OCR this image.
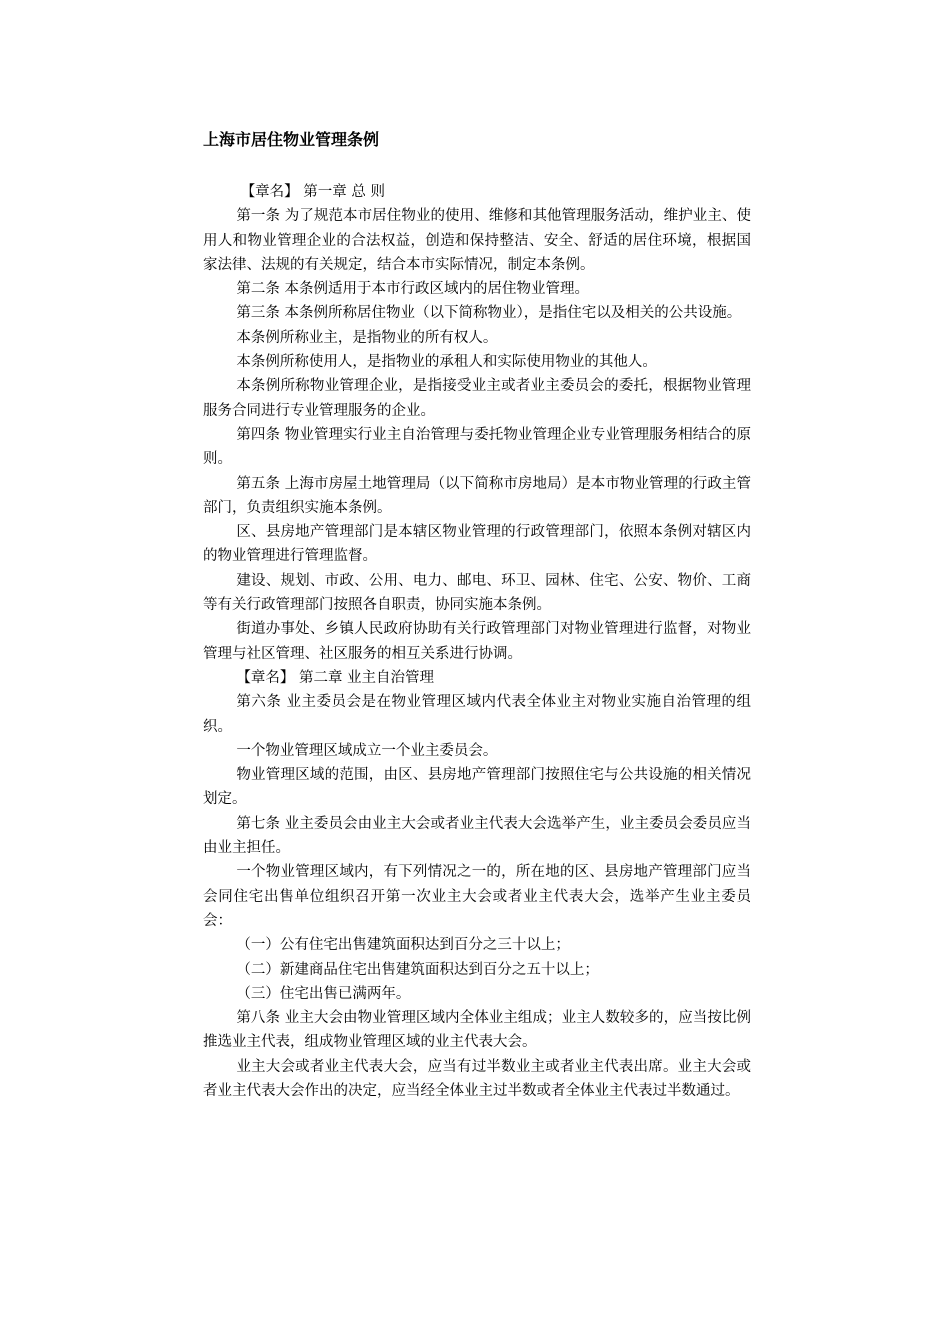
上海市居住物业管理条例

【章名】 第一章 总 则

第一条 为了规范本市居住物业的使用、维修和其他管理服务活动，维护业主、使用人和物业管理企业的合法权益，创造和保持整洁、安全、舒适的居住环境，根据国家法律、法规的有关规定，结合本市实际情况，制定本条例。

第二条 本条例适用于本市行政区域内的居住物业管理。

第三条 本条例所称居住物业（以下简称物业），是指住宅以及相关的公共设施。

本条例所称业主，是指物业的所有权人。

本条例所称使用人，是指物业的承租人和实际使用物业的其他人。

本条例所称物业管理企业，是指接受业主或者业主委员会的委托，根据物业管理服务合同进行专业管理服务的企业。

第四条 物业管理实行业主自治管理与委托物业管理企业专业管理服务相结合的原则。

第五条 上海市房屋土地管理局（以下简称市房地局）是本市物业管理的行政主管部门，负责组织实施本条例。

区、县房地产管理部门是本辖区物业管理的行政管理部门，依照本条例对辖区内的物业管理进行管理监督。

建设、规划、市政、公用、电力、邮电、环卫、园林、住宅、公安、物价、工商等有关行政管理部门按照各自职责，协同实施本条例。

街道办事处、乡镇人民政府协助有关行政管理部门对物业管理进行监督，对物业管理与社区管理、社区服务的相互关系进行协调。

【章名】 第二章 业主自治管理

第六条 业主委员会是在物业管理区域内代表全体业主对物业实施自治管理的组织。

一个物业管理区域成立一个业主委员会。

物业管理区域的范围，由区、县房地产管理部门按照住宅与公共设施的相关情况划定。

第七条 业主委员会由业主大会或者业主代表大会选举产生，业主委员会委员应当由业主担任。

一个物业管理区域内，有下列情况之一的，所在地的区、县房地产管理部门应当会同住宅出售单位组织召开第一次业主大会或者业主代表大会，选举产生业主委员会：

（一）公有住宅出售建筑面积达到百分之三十以上；

（二）新建商品住宅出售建筑面积达到百分之五十以上；

（三）住宅出售已满两年。

第八条 业主大会由物业管理区域内全体业主组成；业主人数较多的，应当按比例推选业主代表，组成物业管理区域的业主代表大会。

业主大会或者业主代表大会，应当有过半数业主或者业主代表出席。业主大会或者业主代表大会作出的决定，应当经全体业主过半数或者全体业主代表过半数通过。
